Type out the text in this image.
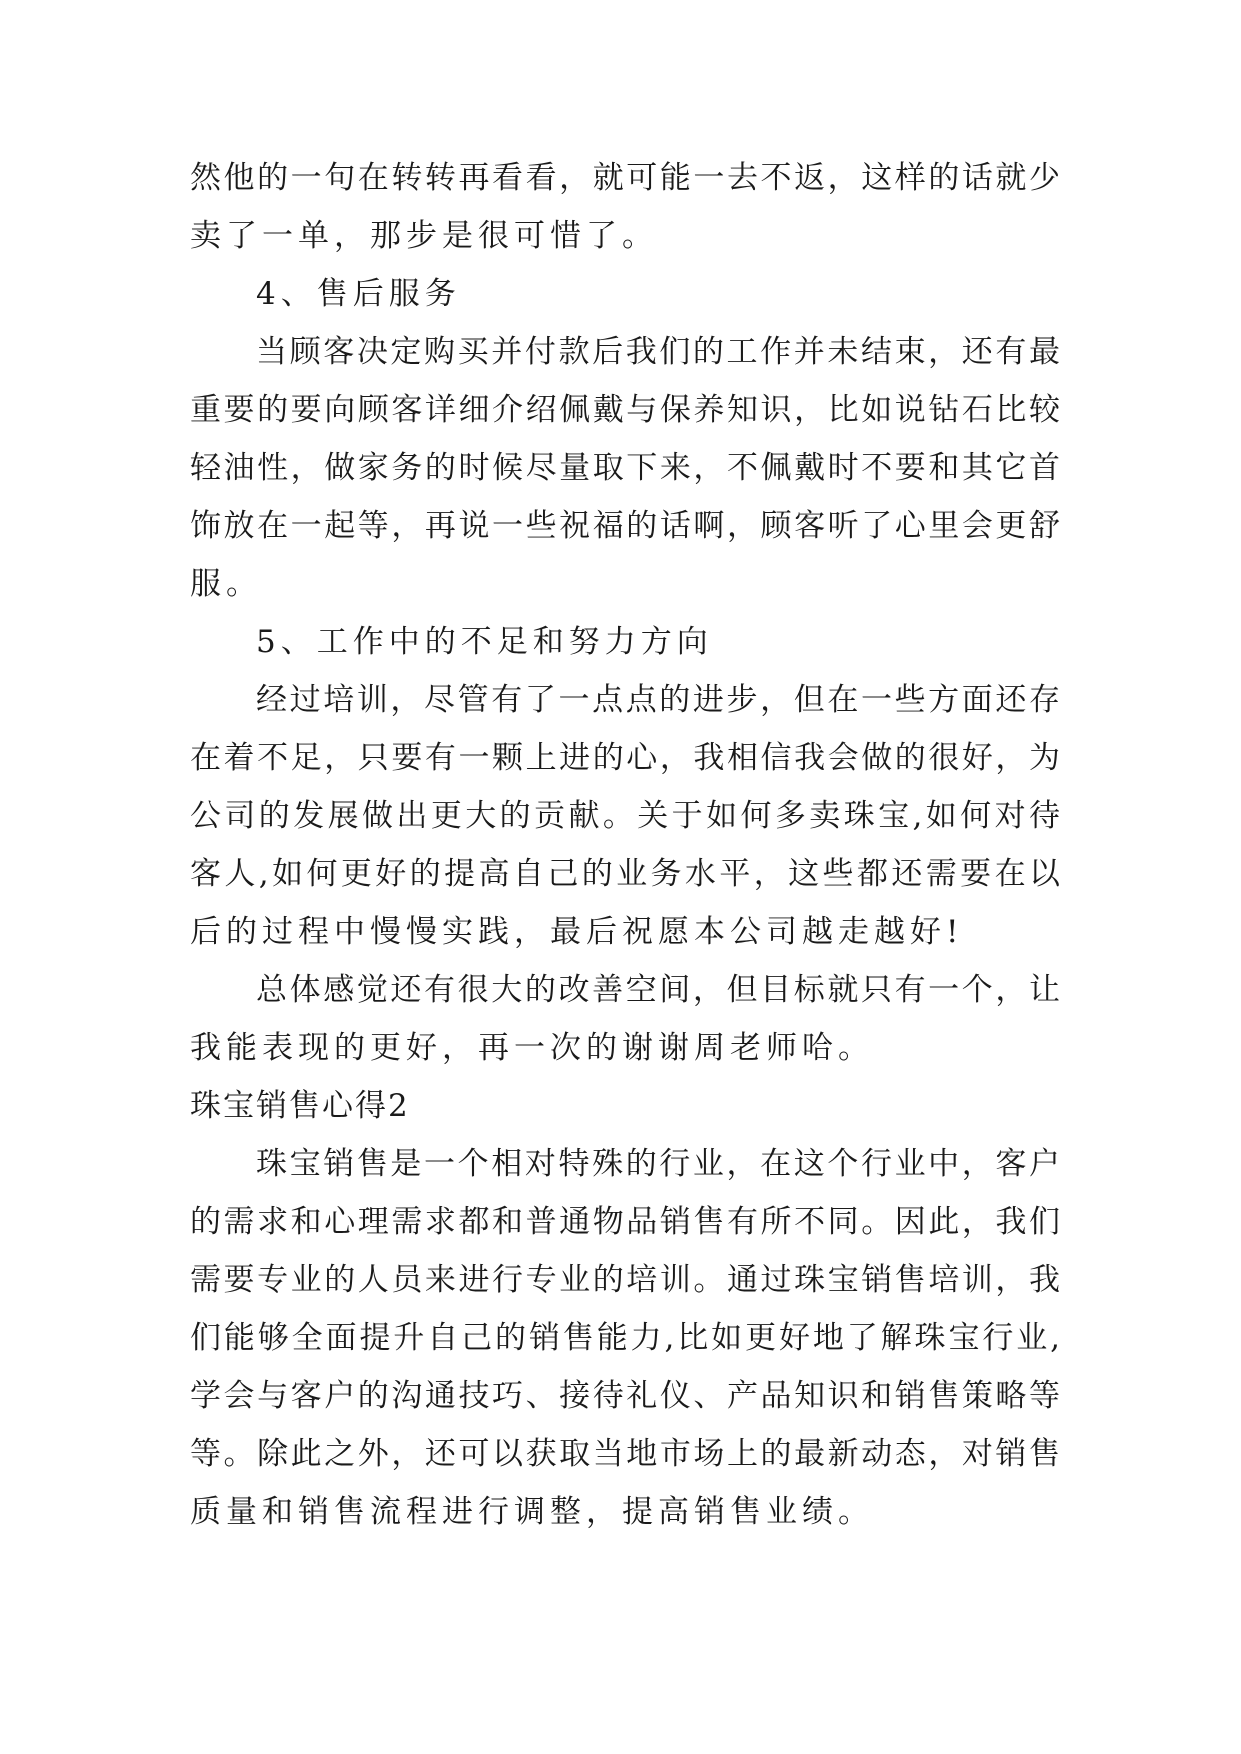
然他的一句在转转再看看，就可能一去不返，这样的话就少
卖了一单，那步是很可惜了。
4、售后服务
当顾客决定购买并付款后我们的工作并未结束，还有最
重要的要向顾客详细介绍佩戴与保养知识，比如说钻石比较
轻油性，做家务的时候尽量取下来，不佩戴时不要和其它首
饰放在一起等，再说一些祝福的话啊，顾客听了心里会更舒
服。
5、工作中的不足和努力方向
经过培训，尽管有了一点点的进步，但在一些方面还存
在着不足，只要有一颗上进的心，我相信我会做的很好，为
公司的发展做出更大的贡献。关于如何多卖珠宝,如何对待
客人,如何更好的提高自己的业务水平，这些都还需要在以
后的过程中慢慢实践，最后祝愿本公司越走越好!
总体感觉还有很大的改善空间，但目标就只有一个，让
我能表现的更好，再一次的谢谢周老师哈。
珠宝销售心得2
珠宝销售是一个相对特殊的行业，在这个行业中，客户
的需求和心理需求都和普通物品销售有所不同。因此，我们
需要专业的人员来进行专业的培训。通过珠宝销售培训，我
们能够全面提升自己的销售能力,比如更好地了解珠宝行业,
学会与客户的沟通技巧、接待礼仪、产品知识和销售策略等
等。除此之外，还可以获取当地市场上的最新动态，对销售
质量和销售流程进行调整，提高销售业绩。
